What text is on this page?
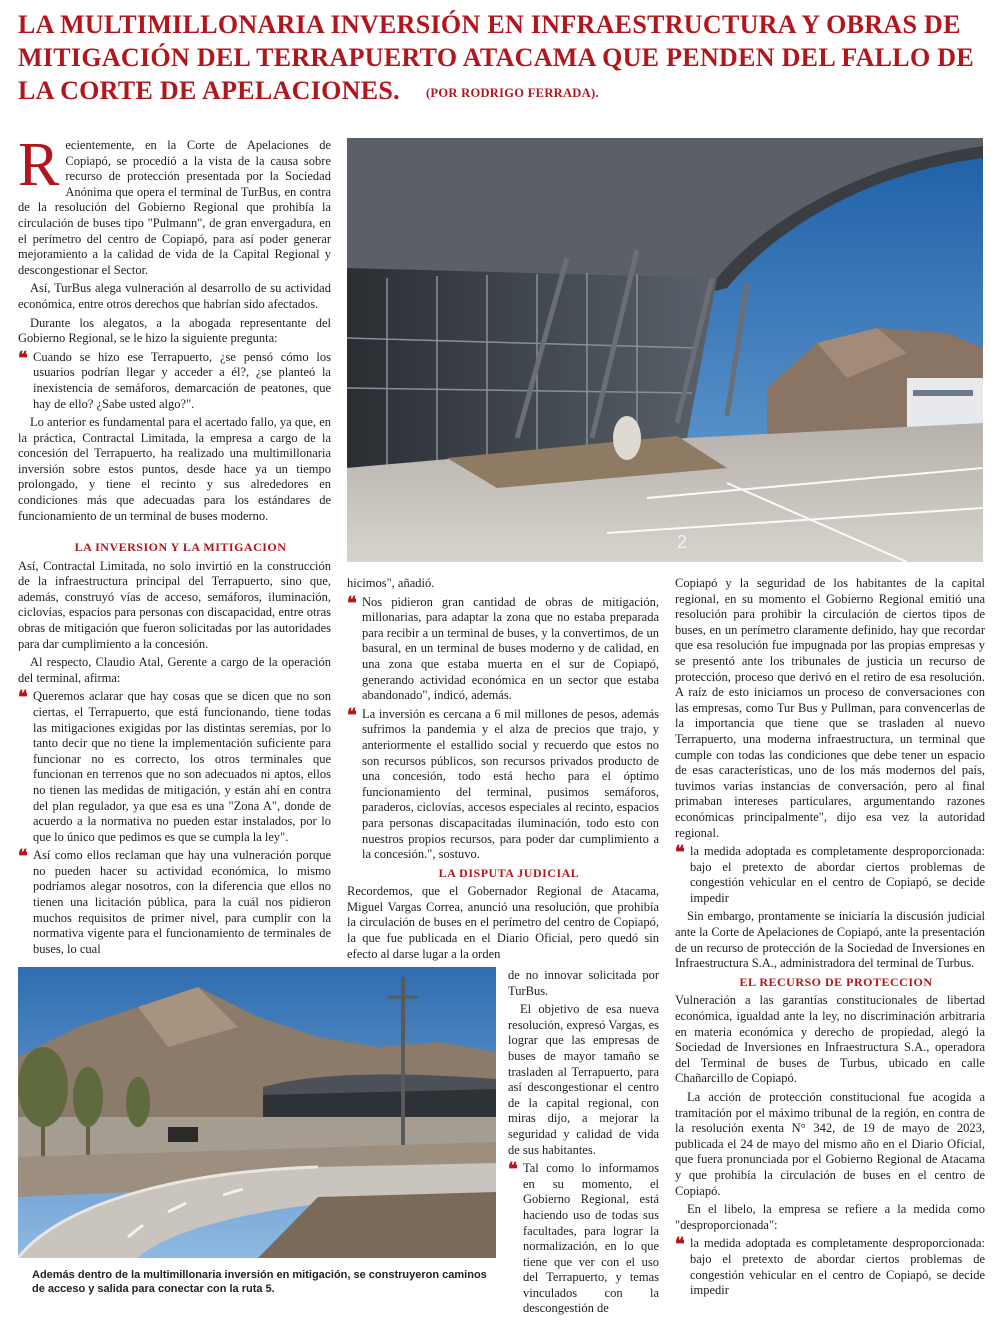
LA MULTIMILLONARIA INVERSIÓN EN INFRAESTRUCTURA Y OBRAS DE MITIGACIÓN DEL TERRAPUERTO ATACAMA QUE PENDEN DEL FALLO DE LA CORTE DE APELACIONES. (POR RODRIGO FERRADA).

Recientemente, en la Corte de Apelaciones de Copiapó, se procedió a la vista de la causa sobre recurso de protección presentada por la Sociedad Anónima que opera el terminal de TurBus, en contra de la resolución del Gobierno Regional que prohibía la circulación de buses tipo "Pulmann", de gran envergadura, en el perímetro del centro de Copiapó, para así poder generar mejoramiento a la calidad de vida de la Capital Regional y descongestionar el Sector.

Así, TurBus alega vulneración al desarrollo de su actividad económica, entre otros derechos que habrían sido afectados.

Durante los alegatos, a la abogada representante del Gobierno Regional, se le hizo la siguiente pregunta:

❝ Cuando se hizo ese Terrapuerto, ¿se pensó cómo los usuarios podrían llegar y acceder a él?, ¿se planteó la inexistencia de semáforos, demarcación de peatones, que hay de ello? ¿Sabe usted algo?".

Lo anterior es fundamental para el acertado fallo, ya que, en la práctica, Contractal Limitada, la empresa a cargo de la concesión del Terrapuerto, ha realizado una multimillonaria inversión sobre estos puntos, desde hace ya un tiempo prolongado, y tiene el recinto y sus alrededores en condiciones más que adecuadas para los estándares de funcionamiento de un terminal de buses moderno.

2

LA INVERSION Y LA MITIGACION

Así, Contractal Limitada, no solo invirtió en la construcción de la infraestructura principal del Terrapuerto, sino que, además, construyó vías de acceso, semáforos, iluminación, ciclovías, espacios para personas con discapacidad, entre otras obras de mitigación que fueron solicitadas por las autoridades para dar cumplimiento a la concesión.

Al respecto, Claudio Atal, Gerente a cargo de la operación del terminal, afirma:

❝ Queremos aclarar que hay cosas que se dicen que no son ciertas, el Terrapuerto, que está funcionando, tiene todas las mitigaciones exigidas por las distintas seremías, por lo tanto decir que no tiene la implementación suficiente para funcionar no es correcto, los otros terminales que funcionan en terrenos que no son adecuados ni aptos, ellos no tienen las medidas de mitigación, y están ahí en contra del plan regulador, ya que esa es una "Zona A", donde de acuerdo a la normativa no pueden estar instalados, por lo que lo único que pedimos es que se cumpla la ley".

❝ Así como ellos reclaman que hay una vulneración porque no pueden hacer su actividad económica, lo mismo podríamos alegar nosotros, con la diferencia que ellos no tienen una licitación pública, para la cuál nos pidieron muchos requisitos de primer nivel, para cumplir con la normativa vigente para el funcionamiento de terminales de buses, lo cual

hicimos", añadió.

❝ Nos pidieron gran cantidad de obras de mitigación, millonarias, para adaptar la zona que no estaba preparada para recibir a un terminal de buses, y la convertimos, de un basural, en un terminal de buses moderno y de calidad, en una zona que estaba muerta en el sur de Copiapó, generando actividad económica en un sector que estaba abandonado", indicó, además.

❝ La inversión es cercana a 6 mil millones de pesos, además sufrimos la pandemia y el alza de precios que trajo, y anteriormente el estallido social y recuerdo que estos no son recursos públicos, son recursos privados producto de una concesión, todo está hecho para el óptimo funcionamiento del terminal, pusimos semáforos, paraderos, ciclovías, accesos especiales al recinto, espacios para personas discapacitadas iluminación, todo esto con nuestros propios recursos, para poder dar cumplimiento a la concesión.", sostuvo.

LA DISPUTA JUDICIAL

Recordemos, que el Gobernador Regional de Atacama, Miguel Vargas Correa, anunció una resolución, que prohibía la circulación de buses en el perímetro del centro de Copiapó, la que fue publicada en el Diario Oficial, pero quedó sin efecto al darse lugar a la orden

de no innovar solicitada por TurBus.

El objetivo de esa nueva resolución, expresó Vargas, es lograr que las empresas de buses de mayor tamaño se trasladen al Terrapuerto, para así descongestionar el centro de la capital regional, con miras dijo, a mejorar la seguridad y calidad de vida de sus habitantes.

❝ Tal como lo informamos en su momento, el Gobierno Regional, está haciendo uso de todas sus facultades, para lograr la normalización, en lo que tiene que ver con el uso del Terrapuerto, y temas vinculados con la descongestión de

Copiapó y la seguridad de los habitantes de la capital regional, en su momento el Gobierno Regional emitió una resolución para prohibir la circulación de ciertos tipos de buses, en un perímetro claramente definido, hay que recordar que esa resolución fue impugnada por las propias empresas y se presentó ante los tribunales de justicia un recurso de protección, proceso que derivó en el retiro de esa resolución. A raíz de esto iniciamos un proceso de conversaciones con las empresas, como Tur Bus y Pullman, para convencerlas de la importancia que tiene que se trasladen al nuevo Terrapuerto, una moderna infraestructura, un terminal que cumple con todas las condiciones que debe tener un espacio de esas características, uno de los más modernos del país, tuvimos varias instancias de conversación, pero al final primaban intereses particulares, argumentando razones económicas principalmente", dijo esa vez la autoridad regional.

❝ la medida adoptada es completamente desproporcionada: bajo el pretexto de abordar ciertos problemas de congestión vehicular en el centro de Copiapó, se decide impedir

Sin embargo, prontamente se iniciaría la discusión judicial ante la Corte de Apelaciones de Copiapó, ante la presentación de un recurso de protección de la Sociedad de Inversiones en Infraestructura S.A., administradora del terminal de Turbus.

EL RECURSO DE PROTECCION

Vulneración a las garantías constitucionales de libertad económica, igualdad ante la ley, no discriminación arbitraria en materia económica y derecho de propiedad, alegó la Sociedad de Inversiones en Infraestructura S.A., operadora del Terminal de buses de Turbus, ubicado en calle Chañarcillo de Copiapó.

La acción de protección constitucional fue acogida a tramitación por el máximo tribunal de la región, en contra de la resolución exenta N° 342, de 19 de mayo de 2023, publicada el 24 de mayo del mismo año en el Diario Oficial, que fuera pronunciada por el Gobierno Regional de Atacama y que prohibía la circulación de buses en el centro de Copiapó.

En el libelo, la empresa se refiere a la medida como "desproporcionada":

❝ la medida adoptada es completamente desproporcionada: bajo el pretexto de abordar ciertos problemas de congestión vehicular en el centro de Copiapó, se decide impedir

Además dentro de la multimillonaria inversión en mitigación, se construyeron caminos de acceso y salida para conectar con la ruta 5.
